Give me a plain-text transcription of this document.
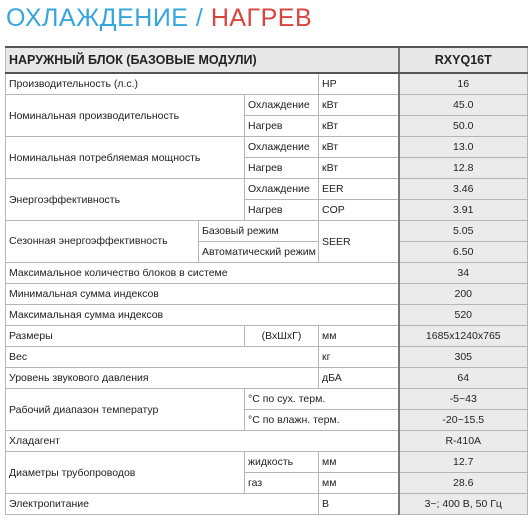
ОХЛАЖДЕНИЕ / НАГРЕВ
НАРУЖНЫЙ БЛОК (БАЗОВЫЕ МОДУЛИ)				RXYQ16T
Производительность (л.с.)			HP	16
Номинальная производительность		Охлаждение	кВт	45.0
		Нагрев	кВт	50.0
Номинальная потребляемая мощность		Охлаждение	кВт	13.0
		Нагрев	кВт	12.8
Энергоэффективность		Охлаждение	EER	3.46
		Нагрев	COP	3.91
Сезонная энергоэффективность	Базовый режим		SEER	5.05
	Автоматический режим			6.50
Максимальное количество блоков в системе				34
Минимальная сумма индексов				200
Максимальная сумма индексов				520
Размеры		(ВхШхГ)	мм	1685х1240х765
Вес			кг	305
Уровень звукового давления			дБА	64
Рабочий диапазон температур		°C по сух. терм.		-5~43
		°C по влажн. терм.		-20~15.5
Хладагент				R-410A
Диаметры трубопроводов		жидкость	мм	12.7
		газ	мм	28.6
Электропитание			В	3~; 400 В, 50 Гц
